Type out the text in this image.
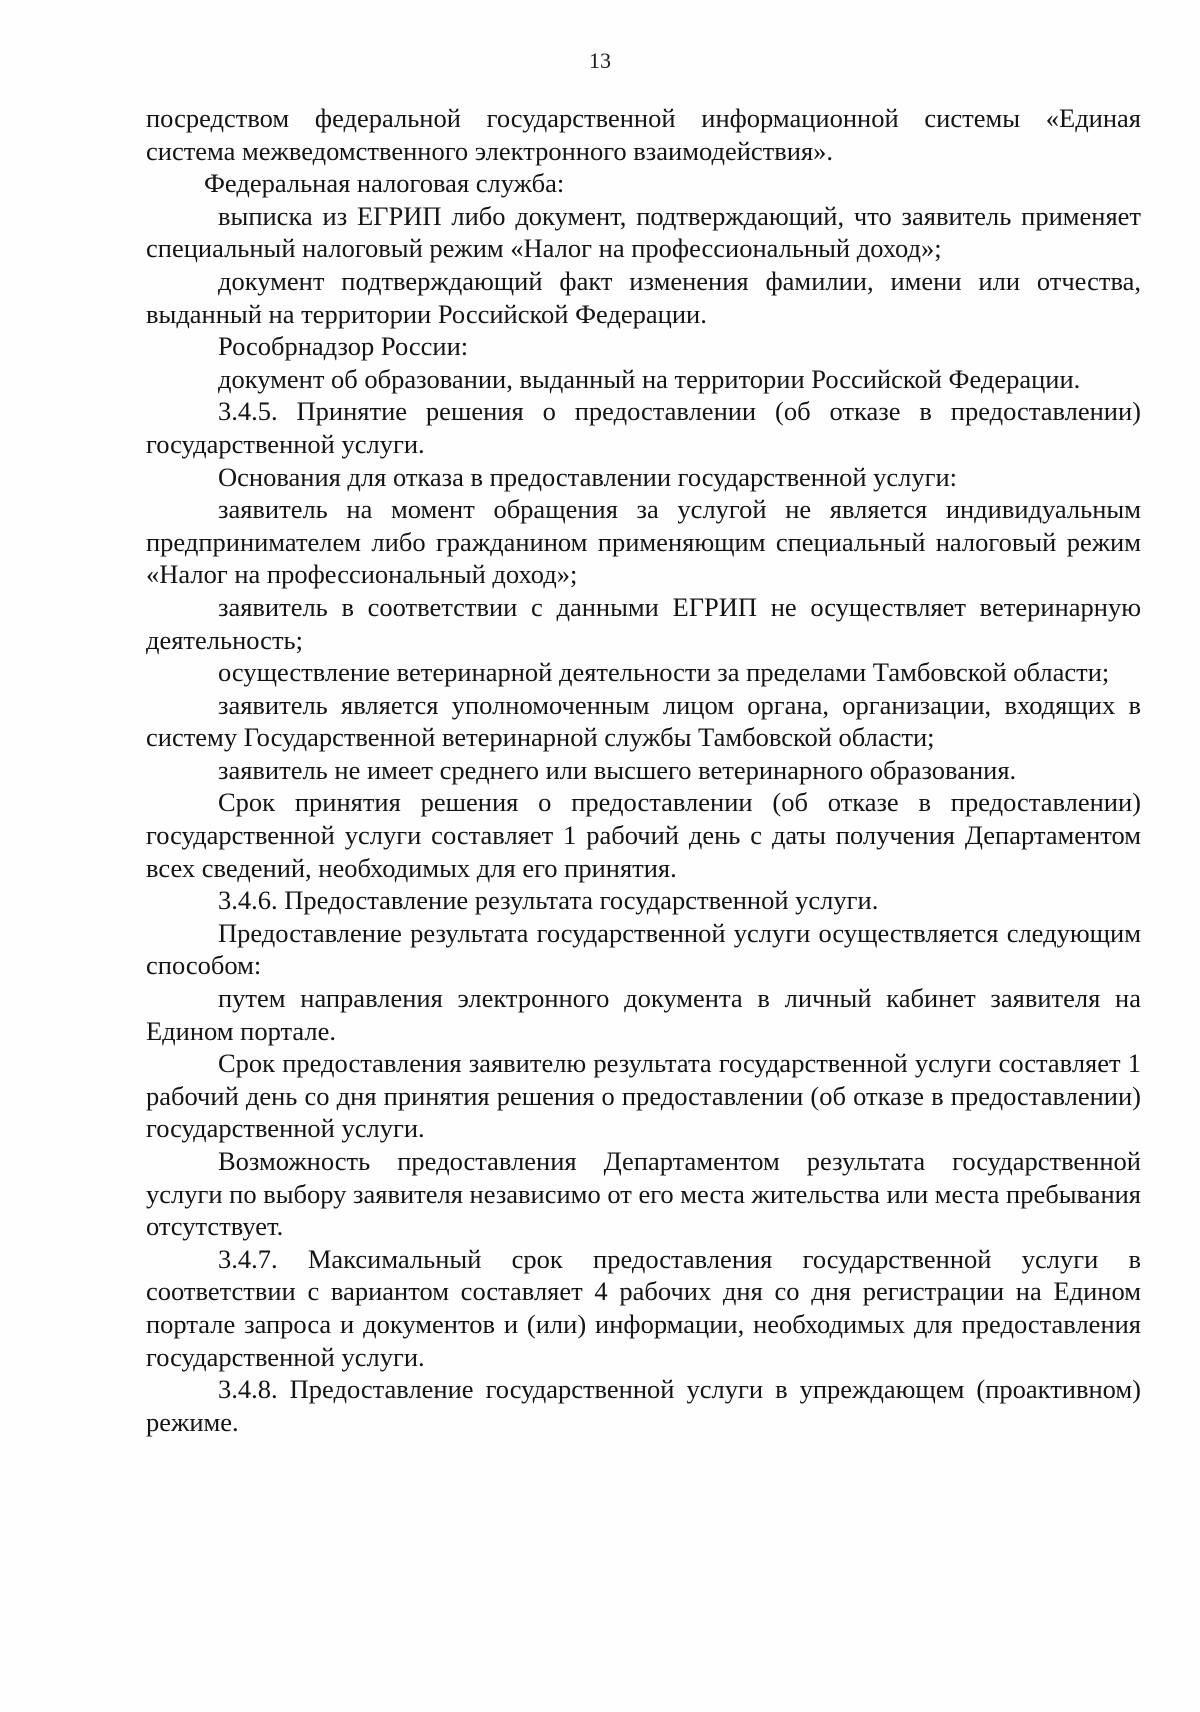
13

посредством федеральной государственной информационной системы «Единая система межведомственного электронного взаимодействия».

Федеральная налоговая служба:

выписка из ЕГРИП либо документ, подтверждающий, что заявитель применяет специальный налоговый режим «Налог на профессиональный доход»;

документ подтверждающий факт изменения фамилии, имени или отчества, выданный на территории Российской Федерации.

Рособрнадзор России:

документ об образовании, выданный на территории Российской Федерации.

3.4.5. Принятие решения о предоставлении (об отказе в предоставлении) государственной услуги.

Основания для отказа в предоставлении государственной услуги:

заявитель на момент обращения за услугой не является индивидуальным предпринимателем либо гражданином применяющим специальный налоговый режим «Налог на профессиональный доход»;

заявитель в соответствии с данными ЕГРИП не осуществляет ветеринарную деятельность;

осуществление ветеринарной деятельности за пределами Тамбовской области;

заявитель является уполномоченным лицом органа, организации, входящих в систему Государственной ветеринарной службы Тамбовской области;

заявитель не имеет среднего или высшего ветеринарного образования.

Срок принятия решения о предоставлении (об отказе в предоставлении) государственной услуги составляет 1 рабочий день с даты получения Департаментом всех сведений, необходимых для его принятия.

3.4.6. Предоставление результата государственной услуги.

Предоставление результата государственной услуги осуществляется следующим способом:

путем направления электронного документа в личный кабинет заявителя на Едином портале.

Срок предоставления заявителю результата государственной услуги составляет 1 рабочий день со дня принятия решения о предоставлении (об отказе в предоставлении) государственной услуги.

Возможность предоставления Департаментом результата государственной услуги по выбору заявителя независимо от его места жительства или места пребывания отсутствует.

3.4.7. Максимальный срок предоставления государственной услуги в соответствии с вариантом составляет 4 рабочих дня со дня регистрации на Едином портале запроса и документов и (или) информации, необходимых для предоставления государственной услуги.

3.4.8. Предоставление государственной услуги в упреждающем (проактивном) режиме.
